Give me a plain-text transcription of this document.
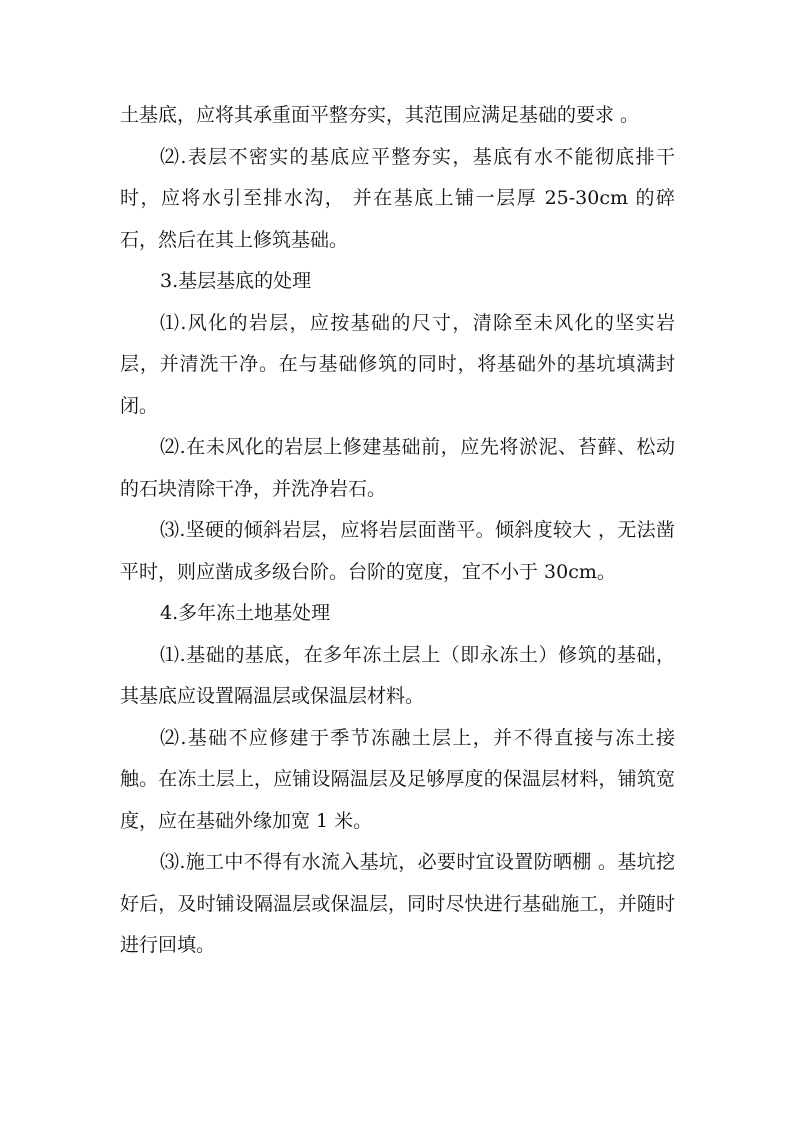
土基底，应将其承重面平整夯实，其范围应满足基础的要求 。

⑵.表层不密实的基底应平整夯实，基底有水不能彻底排干时，应将水引至排水沟， 并在基底上铺一层厚 25-30cm 的碎石，然后在其上修筑基础。

3.基层基底的处理

⑴.风化的岩层，应按基础的尺寸，清除至未风化的坚实岩层，并清洗干净。在与基础修筑的同时，将基础外的基坑填满封闭。

⑵.在未风化的岩层上修建基础前，应先将淤泥、苔藓、松动的石块清除干净，并洗净岩石。

⑶.坚硬的倾斜岩层，应将岩层面凿平。倾斜度较大 ，无法凿平时，则应凿成多级台阶。台阶的宽度，宜不小于 30cm。

4.多年冻土地基处理

⑴.基础的基底，在多年冻土层上（即永冻土）修筑的基础，其基底应设置隔温层或保温层材料。

⑵.基础不应修建于季节冻融土层上，并不得直接与冻土接触。在冻土层上，应铺设隔温层及足够厚度的保温层材料，铺筑宽度，应在基础外缘加宽 1 米。

⑶.施工中不得有水流入基坑，必要时宜设置防晒棚 。基坑挖好后，及时铺设隔温层或保温层，同时尽快进行基础施工，并随时进行回填。
